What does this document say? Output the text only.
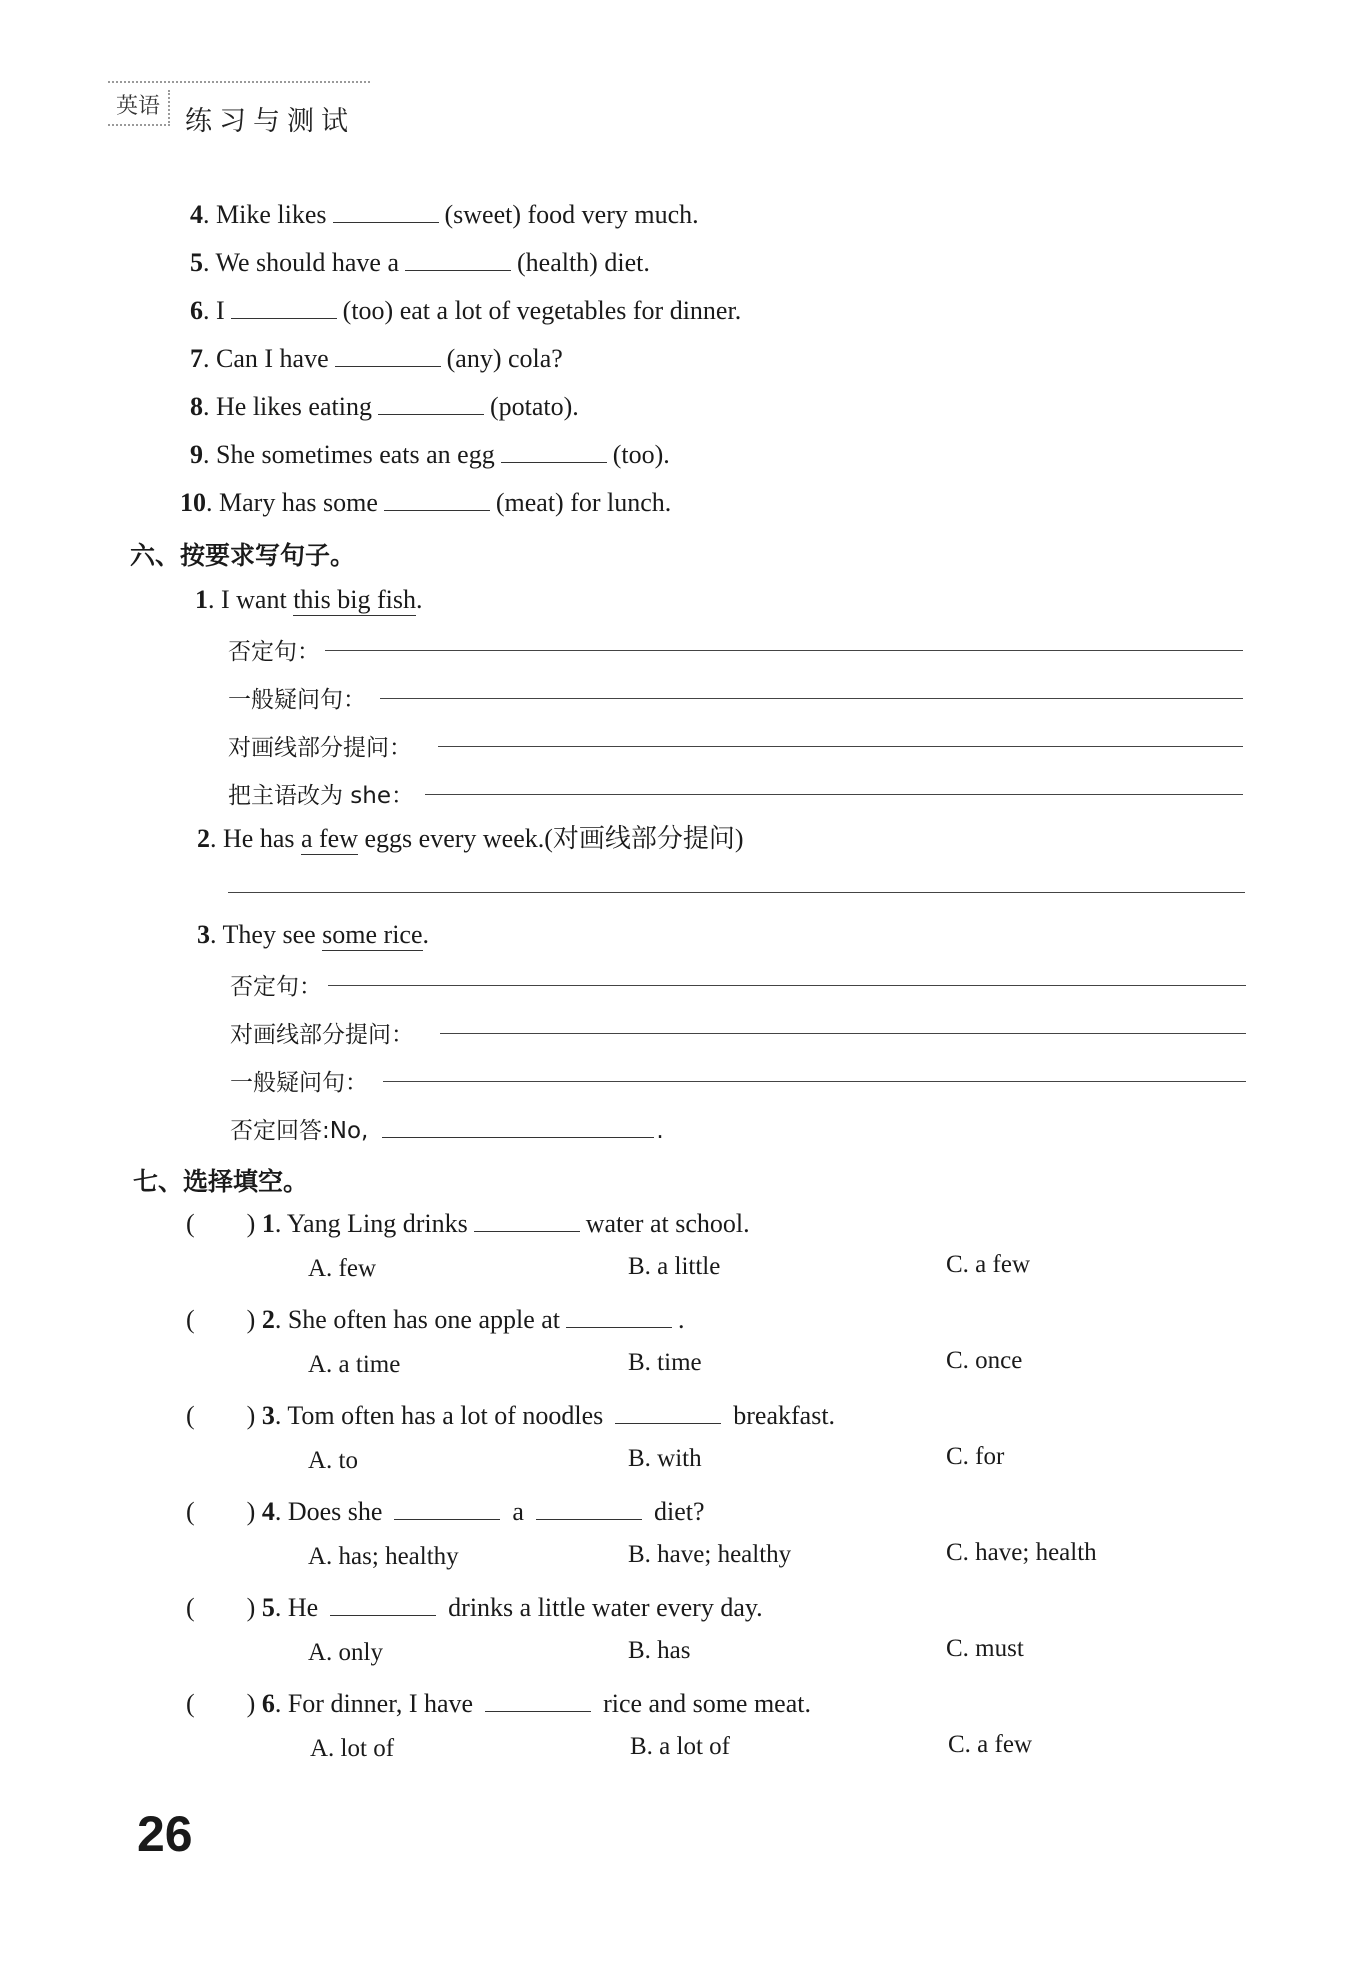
英语 练习与测试
4. Mike likes	(sweet) food very much.
5. We should have a	(health) diet.
6. I	(too) eat a lot of vegetables for dinner.
7. Can I have	(any) cola?
8. He likes eating	(potato).
9. She sometimes eats an egg	(too).
10. Mary has some	(meat) for lunch.
六、按要求写句子。
1. I want this big fish.
否定句：
一般疑问句：
对画线部分提问：
把主语改为 she：
2. He has a few eggs every week.(对画线部分提问)
3. They see some rice.
否定句：
对画线部分提问：
一般疑问句：
否定回答:No,	.
七、选择填空。
(　　) 1. Yang Ling drinks	water at school.
A. few	B. a little	C. a few
(　　) 2. She often has one apple at	.
A. a time	B. time	C. once
(　　) 3. Tom often has a lot of noodles	breakfast.
A. to	B. with	C. for
(　　) 4. Does she	a	diet?
A. has; healthy	B. have; healthy	C. have; health
(　　) 5. He	drinks a little water every day.
A. only	B. has	C. must
(　　) 6. For dinner, I have	rice and some meat.
A. lot of	B. a lot of	C. a few
26
